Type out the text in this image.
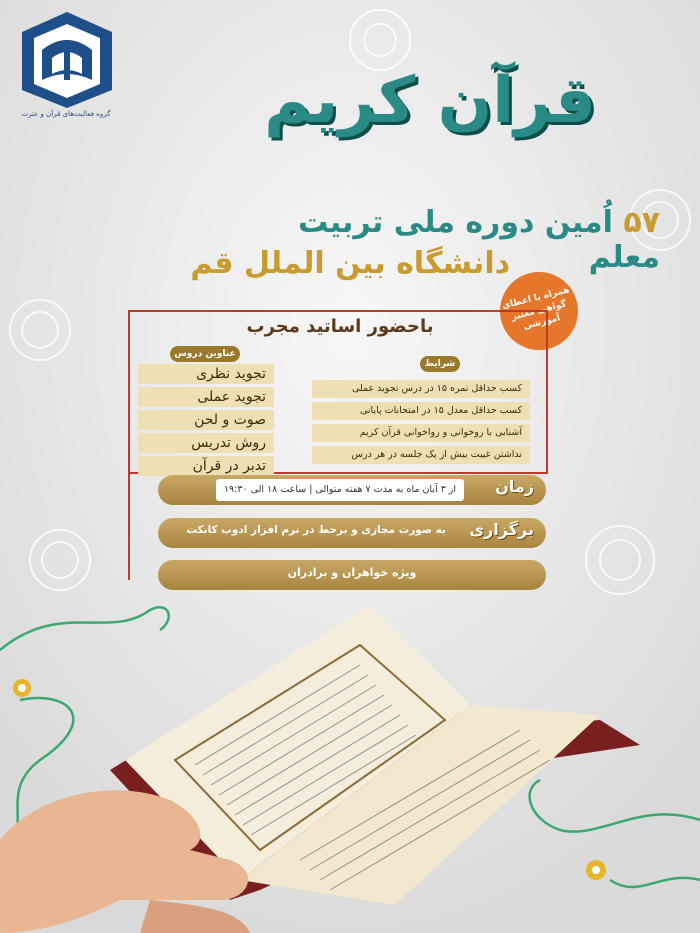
گروه فعالیت‌های قرآن و عترت	قرآن کریم
۵۷ اُمین دوره ملی تربیت معلم
دانشگاه بین الملل قم
همراه با اعطای گواهی معتبر آموزشی
باحضور اساتید مجرب
عناوین دروس
تجوید نظری
تجوید عملی
صوت و لحن
روش تدریس
تدبر در قرآن
شرایط
کسب حداقل نمره ۱۵ در درس تجوید عملی
کسب حداقل معدل ۱۵ در امتحانات پایانی
آشنایی با روخوانی و رواخوانی قرآن کریم
نداشتن غیبت بیش از یک جلسه در هر درس
زمان
از ۳ آبان ماه به مدت ۷ هفته متوالی | ساعت ۱۸ الی ۱۹:۳۰
برگزاری
به صورت مجازی و برخط در نرم افزار ادوب کانکت
ویژه خواهران و برادران
